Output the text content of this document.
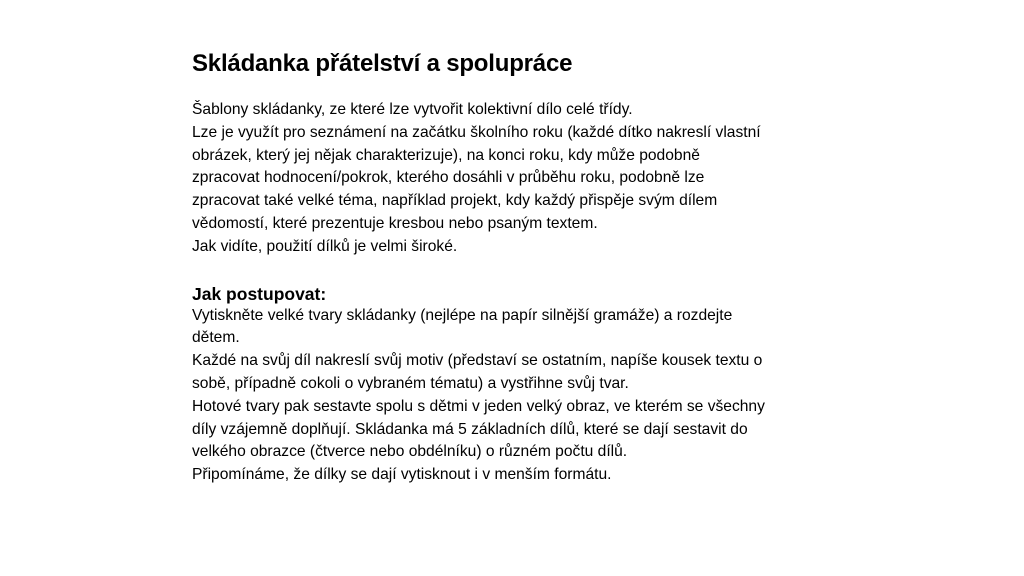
Skládanka přátelství a spolupráce

Šablony skládanky, ze které lze vytvořit kolektivní dílo celé třídy.
Lze je využít pro seznámení na začátku školního roku (každé dítko nakreslí vlastní
obrázek, který jej nějak charakterizuje), na konci roku, kdy může podobně
zpracovat hodnocení/pokrok, kterého dosáhli v průběhu roku, podobně lze
zpracovat také velké téma, například projekt, kdy každý přispěje svým dílem
vědomostí, které prezentuje kresbou nebo psaným textem.
Jak vidíte, použití dílků je velmi široké.

Jak postupovat:

Vytiskněte velké tvary skládanky (nejlépe na papír silnější gramáže) a rozdejte
dětem.
Každé na svůj díl nakreslí svůj motiv (představí se ostatním, napíše kousek textu o
sobě, případně cokoli o vybraném tématu) a vystřihne svůj tvar.
Hotové tvary pak sestavte spolu s dětmi v jeden velký obraz, ve kterém se všechny
díly vzájemně doplňují. Skládanka má 5 základních dílů, které se dají sestavit do
velkého obrazce (čtverce nebo obdélníku) o různém počtu dílů.
Připomínáme, že dílky se dají vytisknout i v menším formátu.
